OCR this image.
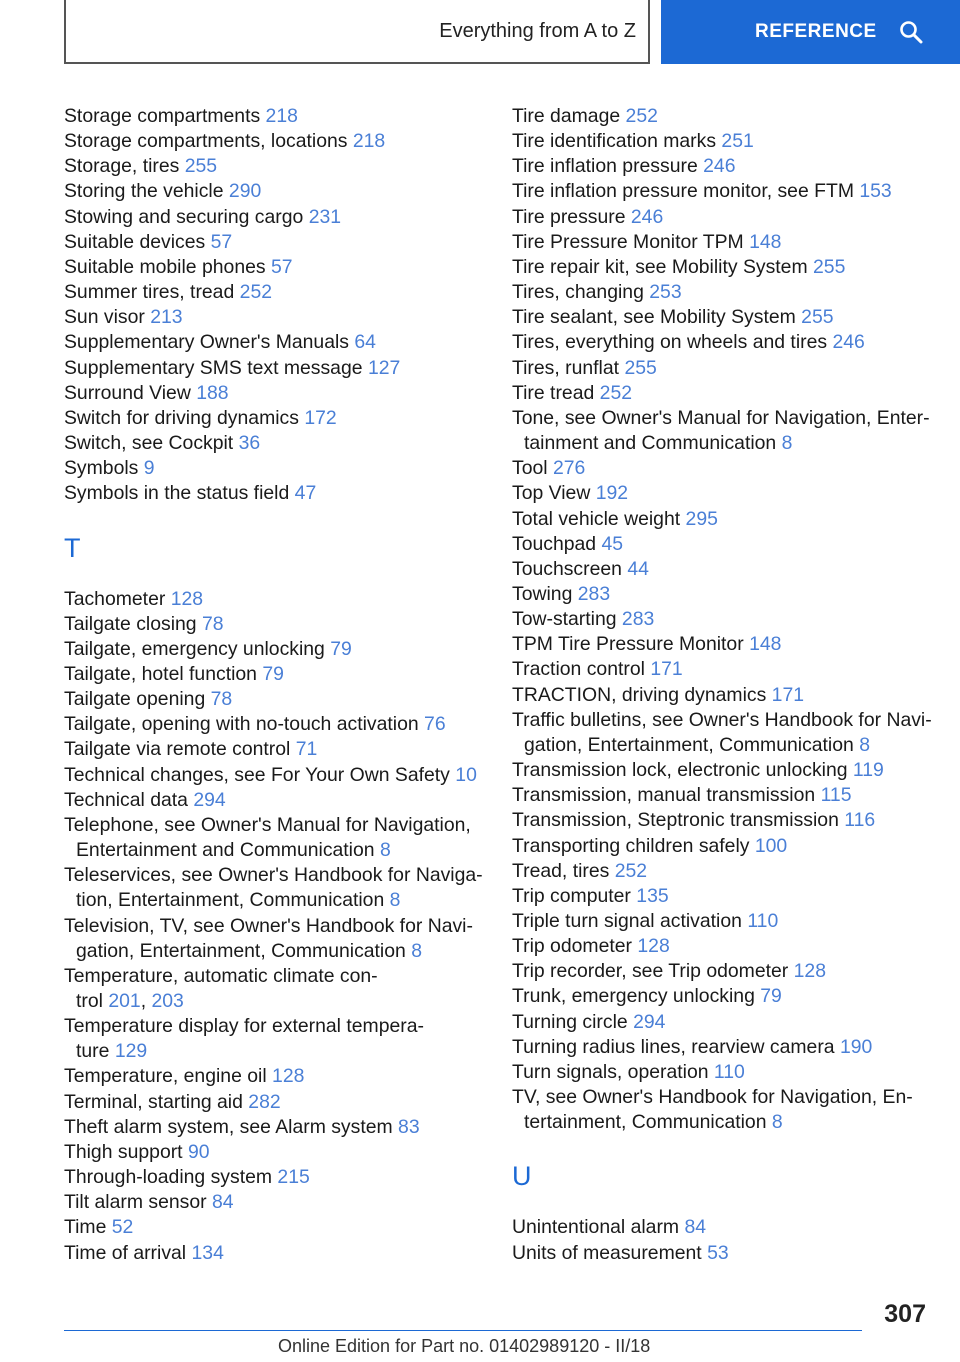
Everything from A to Z	REFERENCE
Storage compartments 218
Storage compartments, locations 218
Storage, tires 255
Storing the vehicle 290
Stowing and securing cargo 231
Suitable devices 57
Suitable mobile phones 57
Summer tires, tread 252
Sun visor 213
Supplementary Owner's Manuals 64
Supplementary SMS text message 127
Surround View 188
Switch for driving dynamics 172
Switch, see Cockpit 36
Symbols 9
Symbols in the status field 47
T
Tachometer 128
Tailgate closing 78
Tailgate, emergency unlocking 79
Tailgate, hotel function 79
Tailgate opening 78
Tailgate, opening with no-touch activation 76
Tailgate via remote control 71
Technical changes, see For Your Own Safety 10
Technical data 294
Telephone, see Owner's Manual for Navigation,
Entertainment and Communication 8
Teleservices, see Owner's Handbook for Naviga-
tion, Entertainment, Communication 8
Television, TV, see Owner's Handbook for Navi-
gation, Entertainment, Communication 8
Temperature, automatic climate con-
trol 201, 203
Temperature display for external tempera-
ture 129
Temperature, engine oil 128
Terminal, starting aid 282
Theft alarm system, see Alarm system 83
Thigh support 90
Through-loading system 215
Tilt alarm sensor 84
Time 52
Time of arrival 134
Tire damage 252
Tire identification marks 251
Tire inflation pressure 246
Tire inflation pressure monitor, see FTM 153
Tire pressure 246
Tire Pressure Monitor TPM 148
Tire repair kit, see Mobility System 255
Tires, changing 253
Tire sealant, see Mobility System 255
Tires, everything on wheels and tires 246
Tires, runflat 255
Tire tread 252
Tone, see Owner's Manual for Navigation, Enter-
tainment and Communication 8
Tool 276
Top View 192
Total vehicle weight 295
Touchpad 45
Touchscreen 44
Towing 283
Tow-starting 283
TPM Tire Pressure Monitor 148
Traction control 171
TRACTION, driving dynamics 171
Traffic bulletins, see Owner's Handbook for Navi-
gation, Entertainment, Communication 8
Transmission lock, electronic unlocking 119
Transmission, manual transmission 115
Transmission, Steptronic transmission 116
Transporting children safely 100
Tread, tires 252
Trip computer 135
Triple turn signal activation 110
Trip odometer 128
Trip recorder, see Trip odometer 128
Trunk, emergency unlocking 79
Turning circle 294
Turning radius lines, rearview camera 190
Turn signals, operation 110
TV, see Owner's Handbook for Navigation, En-
tertainment, Communication 8
U
Unintentional alarm 84
Units of measurement 53
307
Online Edition for Part no. 01402989120 - II/18
